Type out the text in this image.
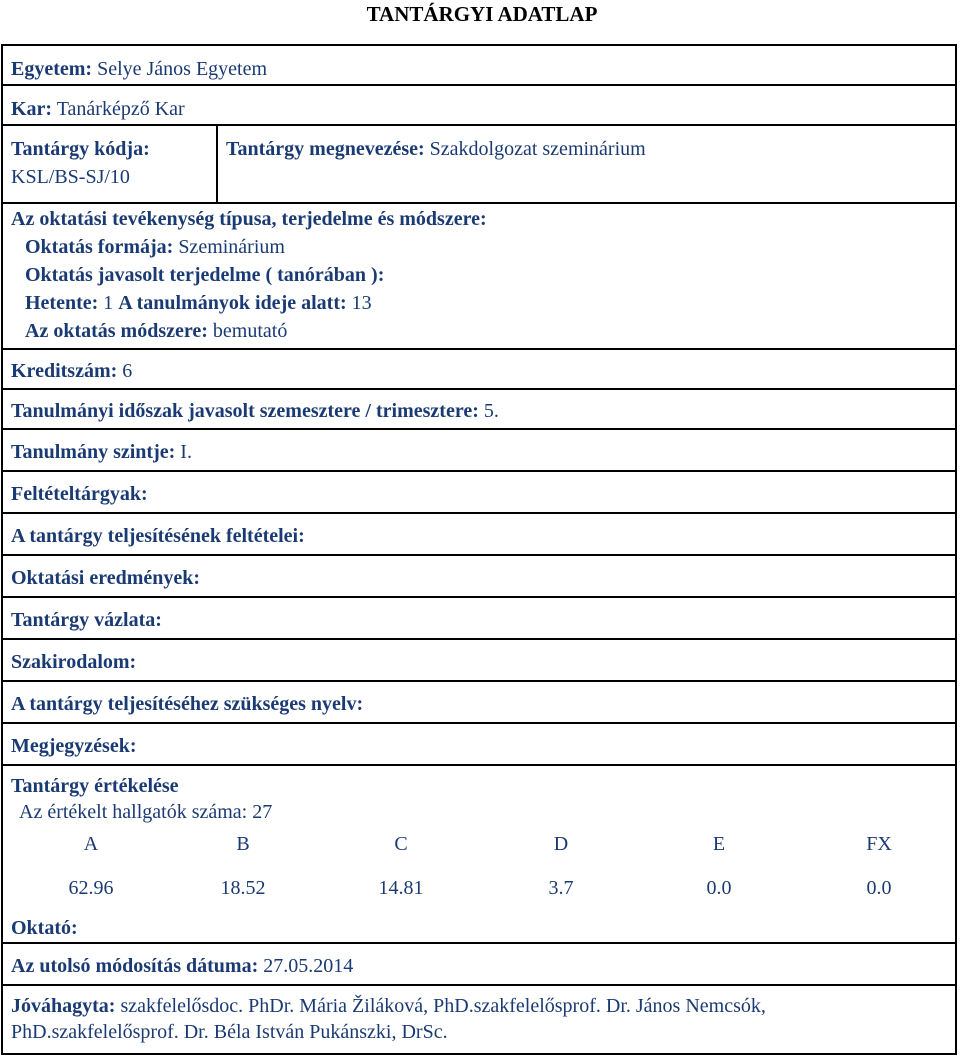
TANTÁRGYI ADATLAP
Egyetem: Selye János Egyetem
Kar: Tanárképző Kar
Tantárgy kódja:
KSL/BS-SJ/10
Tantárgy megnevezése: Szakdolgozat szeminárium
Az oktatási tevékenység típusa, terjedelme és módszere:
Oktatás formája: Szeminárium
Oktatás javasolt terjedelme ( tanórában ):
Hetente: 1 A tanulmányok ideje alatt: 13
Az oktatás módszere: bemutató
Kreditszám: 6
Tanulmányi időszak javasolt szemesztere / trimesztere: 5.
Tanulmány szintje: I.
Feltételtárgyak:
A tantárgy teljesítésének feltételei:
Oktatási eredmények:
Tantárgy vázlata:
Szakirodalom:
A tantárgy teljesítéséhez szükséges nyelv:
Megjegyzések:
Tantárgy értékelése
Az értékelt hallgatók száma: 27
A	B	C	D	E	FX
62.96	18.52	14.81	3.7	0.0	0.0
Oktató:
Az utolsó módosítás dátuma: 27.05.2014
Jóváhagyta: szakfelelősdoc. PhDr. Mária Žiláková, PhD.szakfelelősprof. Dr. János Nemcsók,
PhD.szakfelelősprof. Dr. Béla István Pukánszki, DrSc.
